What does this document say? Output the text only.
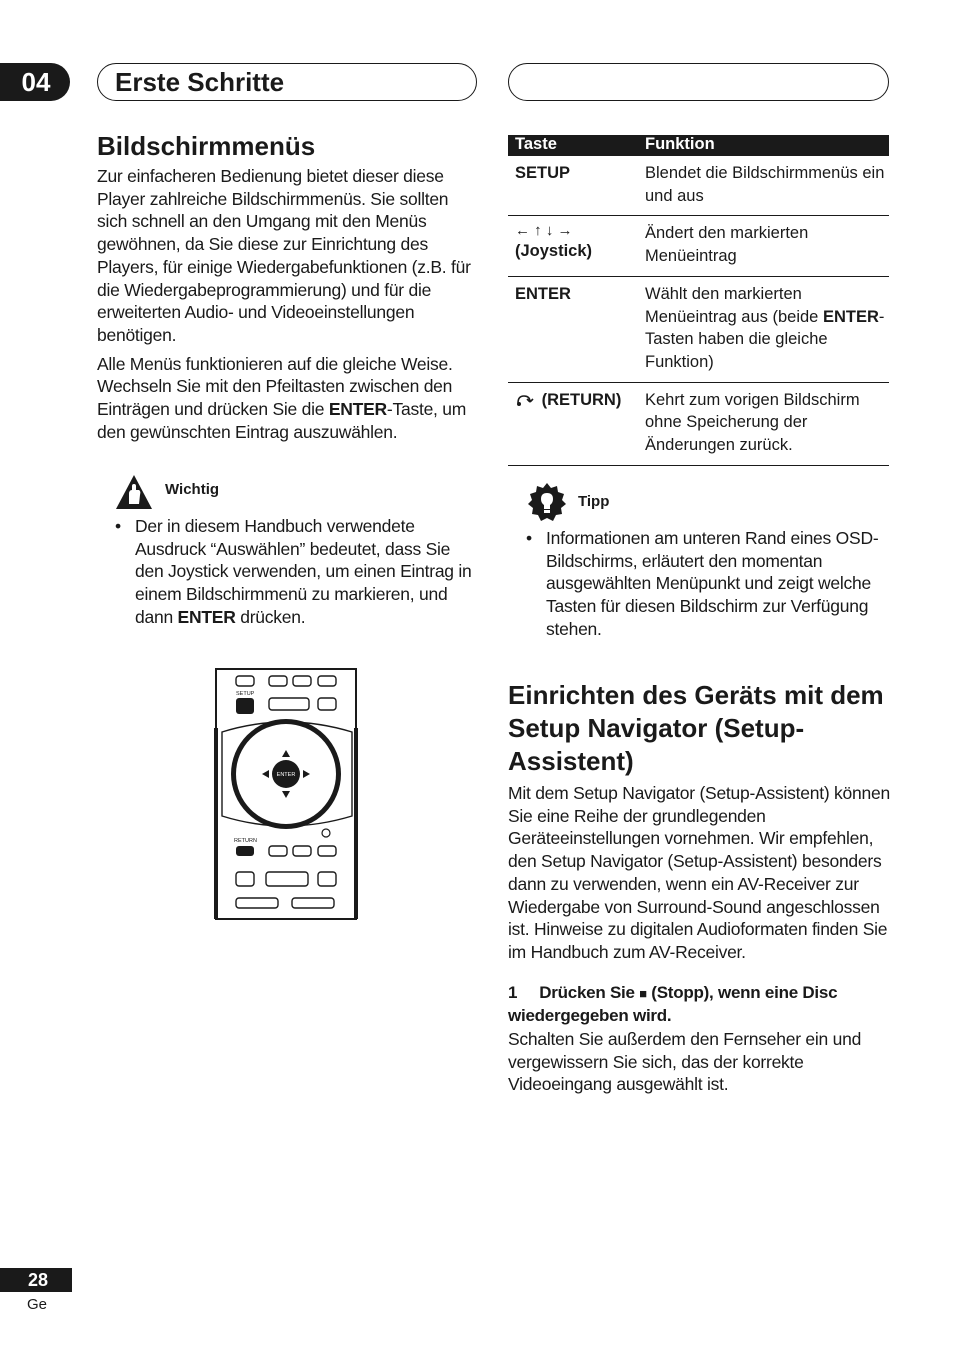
04	Erste Schritte
Bildschirmmenüs

Zur einfacheren Bedienung bietet dieser diese Player zahlreiche Bildschirmmenüs. Sie sollten sich schnell an den Umgang mit den Menüs gewöhnen, da Sie diese zur Einrichtung des Players, für einige Wiedergabefunktionen (z.B. für die Wiedergabeprogrammierung) und für die erweiterten Audio- und Videoeinstellungen benötigen.

Alle Menüs funktionieren auf die gleiche Weise. Wechseln Sie mit den Pfeiltasten zwischen den Einträgen und drücken Sie die ENTER-Taste, um den gewünschten Eintrag auszuwählen.

Wichtig
• Der in diesem Handbuch verwendete Ausdruck “Auswählen” bedeutet, dass Sie den Joystick verwenden, um einen Eintrag in einem Bildschirmmenü zu markieren, und dann ENTER drücken.
SETUP
ENTER
RETURN
Taste	Funktion
SETUP	Blendet die Bildschirmmenüs ein und aus

← ↑ ↓ →
(Joystick)	Ändert den markierten Menüeintrag
ENTER	Wählt den markierten Menüeintrag aus (beide ENTER-Tasten haben die gleiche Funktion)
(RETURN)	Kehrt zum vorigen Bildschirm ohne Speicherung der Änderungen zurück.
Tipp
• Informationen am unteren Rand eines OSD-Bildschirms, erläutert den momentan ausgewählten Menüpunkt und zeigt welche Tasten für diesen Bildschirm zur Verfügung stehen.
Einrichten des Geräts mit dem Setup Navigator (Setup-Assistent)

Mit dem Setup Navigator (Setup-Assistent) können Sie eine Reihe der grundlegenden Geräteeinstellungen vornehmen. Wir empfehlen, den Setup Navigator (Setup-Assistent) besonders dann zu verwenden, wenn ein AV-Receiver zur Wiedergabe von Surround-Sound angeschlossen ist. Hinweise zu digitalen Audioformaten finden Sie im Handbuch zum AV-Receiver.

1 Drücken Sie ■ (Stopp), wenn eine Disc wiedergegeben wird.

Schalten Sie außerdem den Fernseher ein und vergewissern Sie sich, das der korrekte Videoeingang ausgewählt ist.

28
Ge
